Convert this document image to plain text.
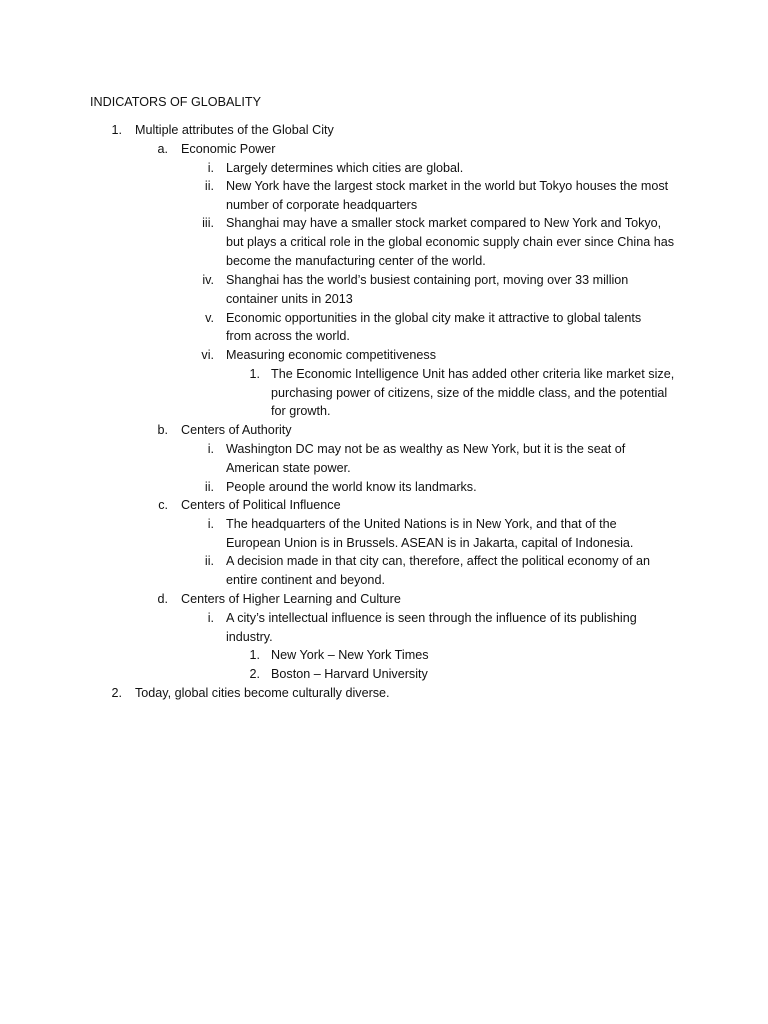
INDICATORS OF GLOBALITY
1. Multiple attributes of the Global City
a. Economic Power
i. Largely determines which cities are global.
ii. New York have the largest stock market in the world but Tokyo houses the most
number of corporate headquarters
iii. Shanghai may have a smaller stock market compared to New York and Tokyo,
but plays a critical role in the global economic supply chain ever since China has
become the manufacturing center of the world.
iv. Shanghai has the world’s busiest containing port, moving over 33 million
container units in 2013
v. Economic opportunities in the global city make it attractive to global talents
from across the world.
vi. Measuring economic competitiveness
1. The Economic Intelligence Unit has added other criteria like market size,
purchasing power of citizens, size of the middle class, and the potential
for growth.
b. Centers of Authority
i. Washington DC may not be as wealthy as New York, but it is the seat of
American state power.
ii. People around the world know its landmarks.
c. Centers of Political Influence
i. The headquarters of the United Nations is in New York, and that of the
European Union is in Brussels. ASEAN is in Jakarta, capital of Indonesia.
ii. A decision made in that city can, therefore, affect the political economy of an
entire continent and beyond.
d. Centers of Higher Learning and Culture
i. A city’s intellectual influence is seen through the influence of its publishing
industry.
1. New York – New York Times
2. Boston – Harvard University
2. Today, global cities become culturally diverse.
